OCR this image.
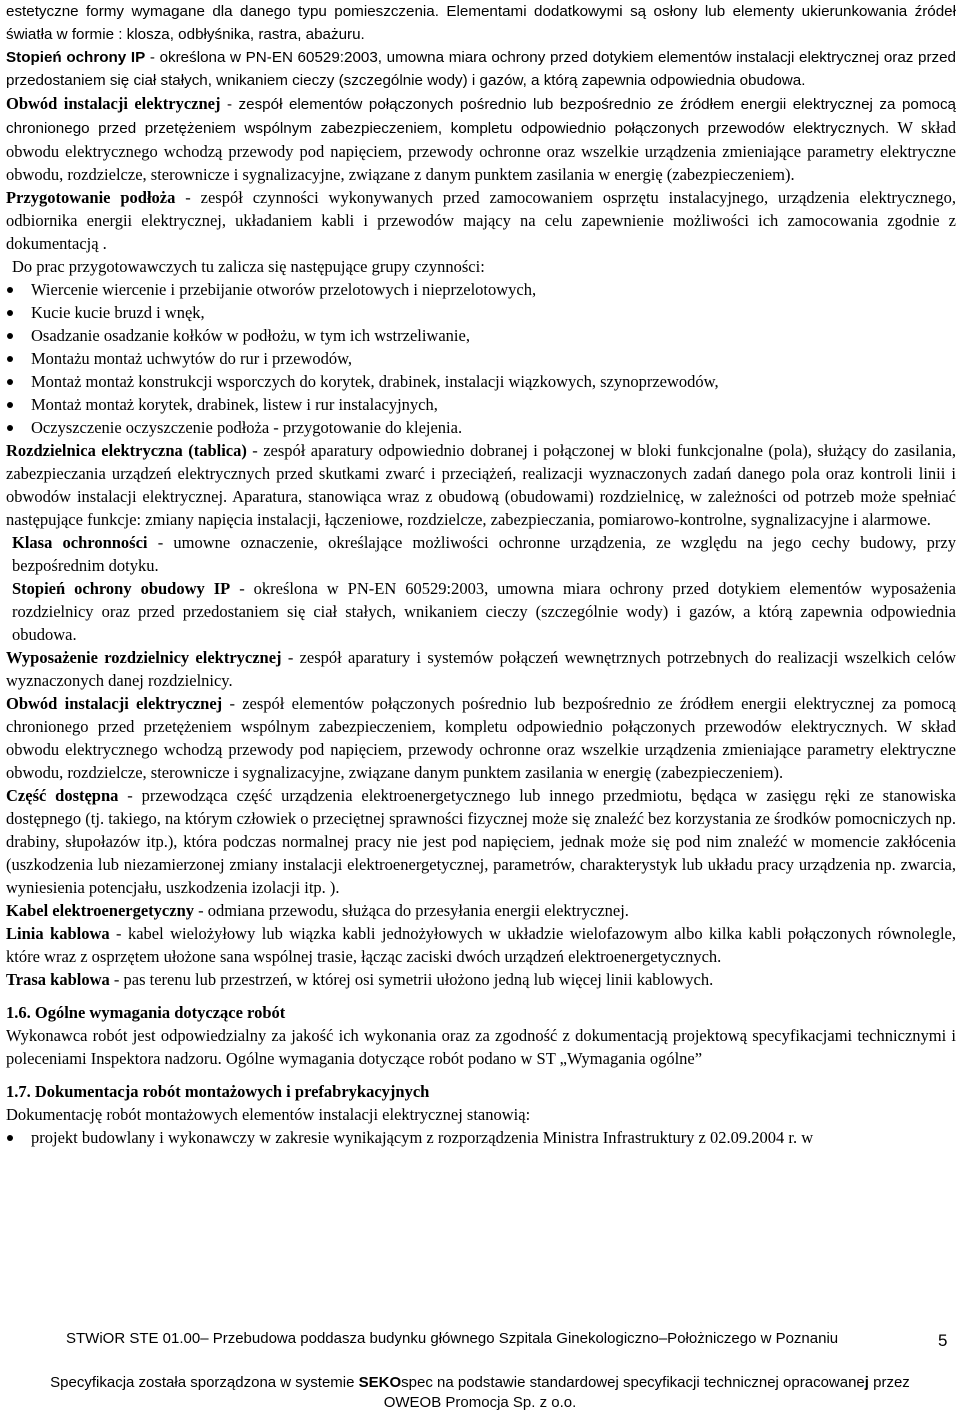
estetyczne formy wymagane dla danego typu pomieszczenia. Elementami dodatkowymi są osłony lub elementy ukierunkowania źródeł światła w formie : klosza, odbłyśnika, rastra, abażuru.

Stopień ochrony IP - określona w PN-EN 60529:2003, umowna miara ochrony przed dotykiem elementów instalacji elektrycznej oraz przed przedostaniem się ciał stałych, wnikaniem cieczy (szczególnie wody) i gazów, a którą zapewnia odpowiednia obudowa.

Obwód instalacji elektrycznej - zespół elementów połączonych pośrednio lub bezpośrednio ze źródłem energii elektrycznej za pomocą chronionego przed przetężeniem wspólnym zabezpieczeniem, kompletu odpowiednio połączonych przewodów elektrycznych. W skład obwodu elektrycznego wchodzą przewody pod napięciem, przewody ochronne oraz wszelkie urządzenia zmieniające parametry elektryczne obwodu, rozdzielcze, sterownicze i sygnalizacyjne, związane z danym punktem zasilania w energię (zabezpieczeniem).

Przygotowanie podłoża - zespół czynności wykonywanych przed zamocowaniem osprzętu instalacyjnego, urządzenia elektrycznego, odbiornika energii elektrycznej, układaniem kabli i przewodów mający na celu zapewnienie możliwości ich zamocowania zgodnie z dokumentacją .

Do prac przygotowawczych tu zalicza się następujące grupy czynności:

Wiercenie wiercenie i przebijanie otworów przelotowych i nieprzelotowych,
Kucie kucie bruzd i wnęk,
Osadzanie osadzanie kołków w podłożu, w tym ich wstrzeliwanie,
Montażu montaż uchwytów do rur i przewodów,
Montaż montaż konstrukcji wsporczych do korytek, drabinek, instalacji wiązkowych, szynoprzewodów,
Montaż montaż korytek, drabinek, listew i rur instalacyjnych,
Oczyszczenie oczyszczenie podłoża - przygotowanie do klejenia.

Rozdzielnica elektryczna (tablica) - zespół aparatury odpowiednio dobranej i połączonej w bloki funkcjonalne (pola), służący do zasilania, zabezpieczania urządzeń elektrycznych przed skutkami zwarć i przeciążeń, realizacji wyznaczonych zadań danego pola oraz kontroli linii i obwodów instalacji elektrycznej. Aparatura, stanowiąca wraz z obudową (obudowami) rozdzielnicę, w zależności od potrzeb może spełniać następujące funkcje: zmiany napięcia instalacji, łączeniowe, rozdzielcze, zabezpieczania, pomiarowo-kontrolne, sygnalizacyjne i alarmowe.

Klasa ochronności - umowne oznaczenie, określające możliwości ochronne urządzenia, ze względu na jego cechy budowy, przy bezpośrednim dotyku.

Stopień ochrony obudowy IP - określona w PN-EN 60529:2003, umowna miara ochrony przed dotykiem elementów wyposażenia rozdzielnicy oraz przed przedostaniem się ciał stałych, wnikaniem cieczy (szczególnie wody) i gazów, a którą zapewnia odpowiednia obudowa.

Wyposażenie rozdzielnicy elektrycznej - zespół aparatury i systemów połączeń wewnętrznych potrzebnych do realizacji wszelkich celów wyznaczonych danej rozdzielnicy.

Obwód instalacji elektrycznej - zespół elementów połączonych pośrednio lub bezpośrednio ze źródłem energii elektrycznej za pomocą chronionego przed przetężeniem wspólnym zabezpieczeniem, kompletu odpowiednio połączonych przewodów elektrycznych. W skład obwodu elektrycznego wchodzą przewody pod napięciem, przewody ochronne oraz wszelkie urządzenia zmieniające parametry elektryczne obwodu, rozdzielcze, sterownicze i sygnalizacyjne, związane danym punktem zasilania w energię (zabezpieczeniem).

Część dostępna - przewodząca część urządzenia elektroenergetycznego lub innego przedmiotu, będąca w zasięgu ręki ze stanowiska dostępnego (tj. takiego, na którym człowiek o przeciętnej sprawności fizycznej może się znaleźć bez korzystania ze środków pomocniczych np. drabiny, słupołazów itp.), która podczas normalnej pracy nie jest pod napięciem, jednak może się pod nim znaleźć w momencie zakłócenia (uszkodzenia lub niezamierzonej zmiany instalacji elektroenergetycznej, parametrów, charakterystyk lub układu pracy urządzenia np. zwarcia, wyniesienia potencjału, uszkodzenia izolacji itp. ).

Kabel elektroenergetyczny - odmiana przewodu, służąca do przesyłania energii elektrycznej.

Linia kablowa - kabel wielożyłowy lub wiązka kabli jednożyłowych w układzie wielofazowym albo kilka kabli połączonych równolegle, które wraz z osprzętem ułożone sana wspólnej trasie, łącząc zaciski dwóch urządzeń elektroenergetycznych.

Trasa kablowa - pas terenu lub przestrzeń, w której osi symetrii ułożono jedną lub więcej linii kablowych.

1.6. Ogólne wymagania dotyczące robót

Wykonawca robót jest odpowiedzialny za jakość ich wykonania oraz za zgodność z dokumentacją projektową specyfikacjami technicznymi i poleceniami Inspektora nadzoru. Ogólne wymagania dotyczące robót podano w ST „Wymagania ogólne”

1.7. Dokumentacja robót montażowych i prefabrykacyjnych

Dokumentację robót montażowych elementów instalacji elektrycznej stanowią:

projekt budowlany i wykonawczy w zakresie wynikającym z rozporządzenia Ministra Infrastruktury z 02.09.2004 r. w
STWiOR STE 01.00– Przebudowa poddasza budynku głównego Szpitala Ginekologiczno–Położniczego w Poznaniu	5
Specyfikacja została sporządzona w systemie SEKOspec na podstawie standardowej specyfikacji technicznej opracowanej przez
OWEOB Promocja Sp. z o.o.
